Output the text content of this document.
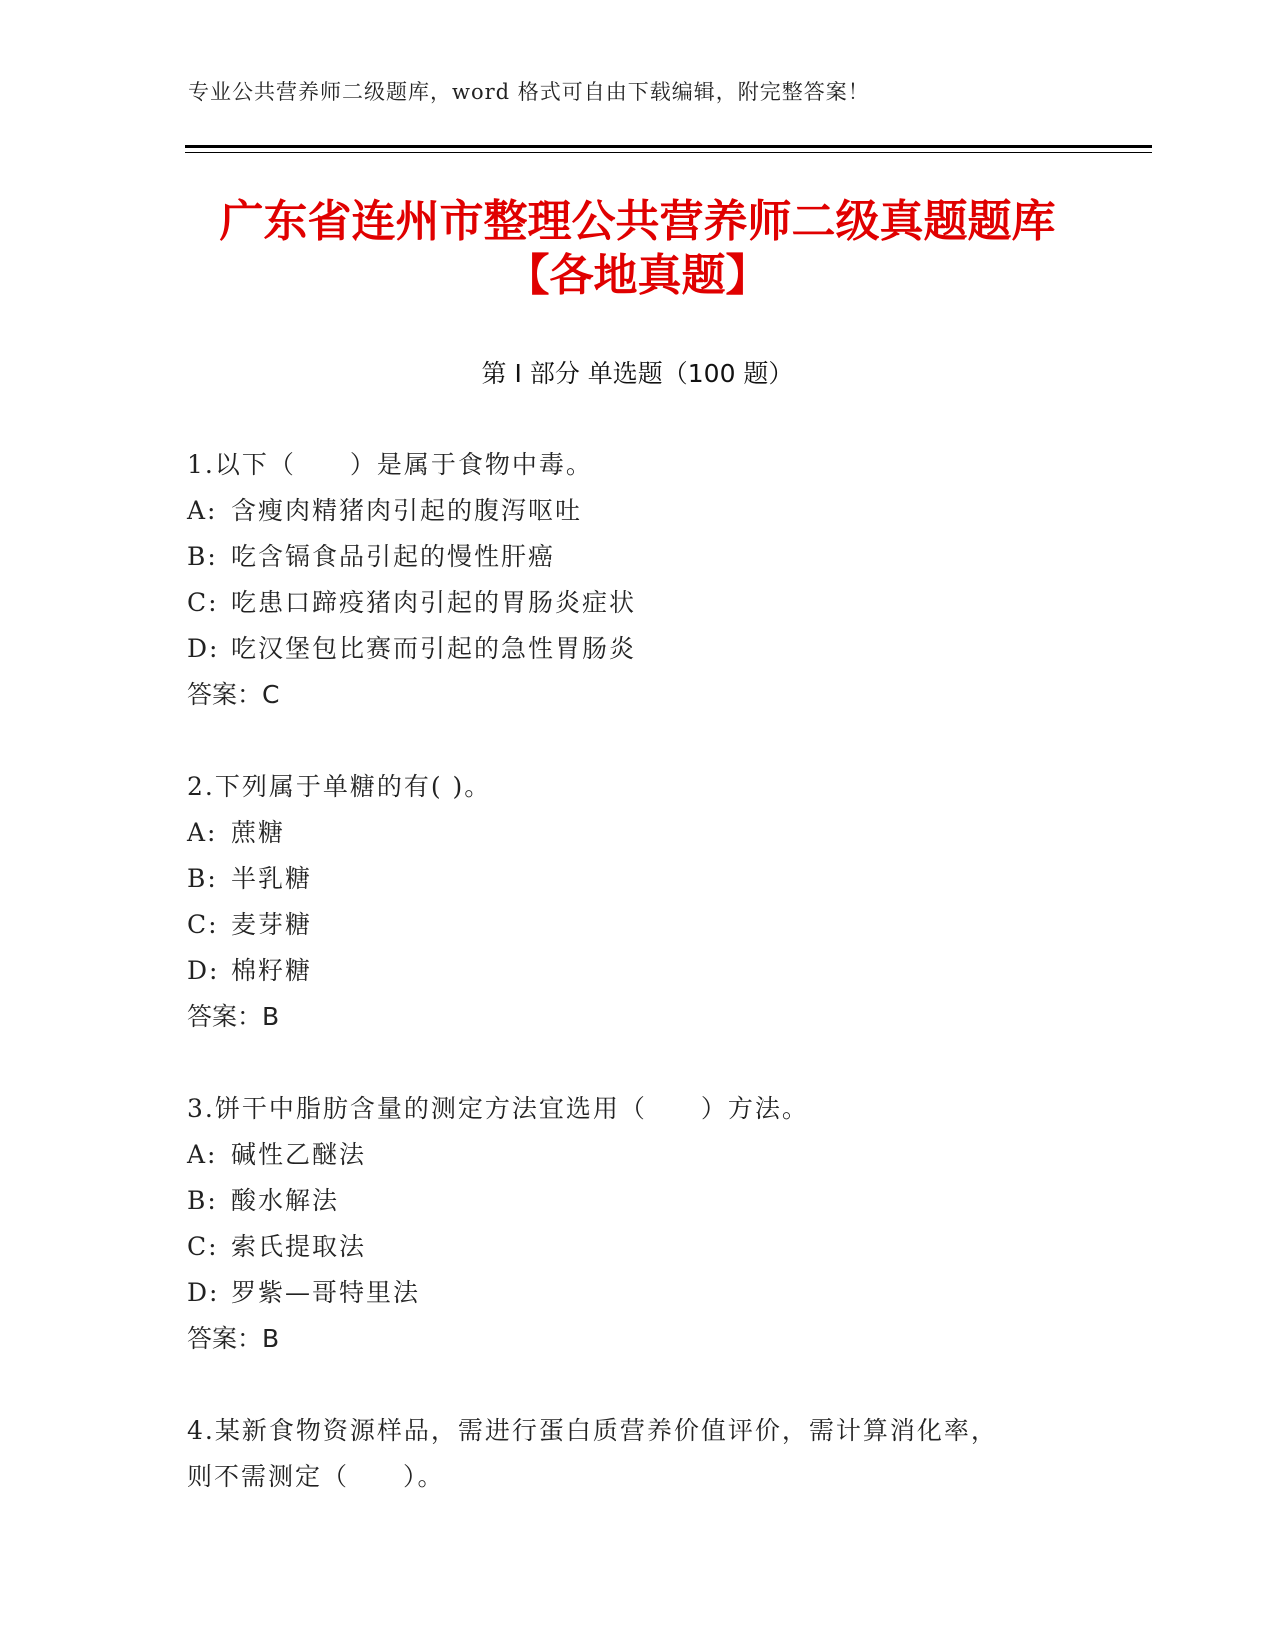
专业公共营养师二级题库，word 格式可自由下载编辑，附完整答案！
广东省连州市整理公共营养师二级真题题库
【各地真题】
第 I 部分 单选题（100 题）
1.以下（　　）是属于食物中毒。
A: 含瘦肉精猪肉引起的腹泻呕吐
B: 吃含镉食品引起的慢性肝癌
C: 吃患口蹄疫猪肉引起的胃肠炎症状
D: 吃汉堡包比赛而引起的急性胃肠炎
答案：C
2.下列属于单糖的有( )。
A: 蔗糖
B: 半乳糖
C: 麦芽糖
D: 棉籽糖
答案：B
3.饼干中脂肪含量的测定方法宜选用（　　）方法。
A: 碱性乙醚法
B: 酸水解法
C: 索氏提取法
D: 罗紫—哥特里法
答案：B
4.某新食物资源样品，需进行蛋白质营养价值评价，需计算消化率，
则不需测定（　　）。
